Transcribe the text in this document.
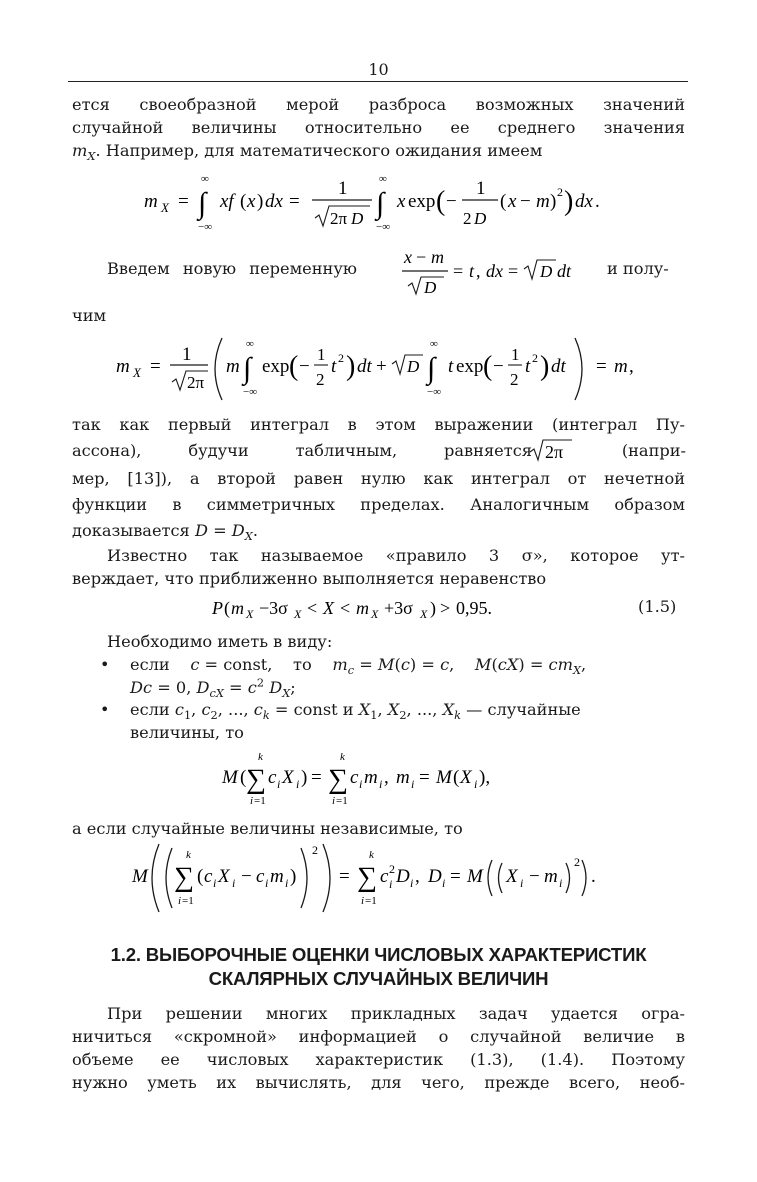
10
ется своеобразной мерой разброса возможных значений
случайной величины относительно ее среднего значения
$m_X$. Например, для математического ожидания имеем
m X = ∫
∞
−∞
xf ( x ) dx =
1
2π D ∫
∞
−∞
x exp ( −
1
2 D
( x − m ) 2 ) dx .
Введем новую переменную
x − m
D
= t , dx = D dt и полу-
чим
m X =
1
2π
m ∫
∞
−∞
exp ( −
1
2
t 2 ) dt + D ∫
∞
−∞
t exp ( −
1
2
t 2 ) dt = m ,
так как первый интеграл в этом выражении (интеграл Пу-
ассона), будучи табличным, равняется 2π	(напри-
мер, [13]), а второй равен нулю как интеграл от нечетной
функции в симметричных пределах. Аналогичным образом
доказывается $D = D_X$.
Известно так называемое «правило 3 σ», которое ут-
верждает, что приближенно выполняется неравенство
P ( m X −3σ X < X < m X +3σ X ) > 0,95.	(1.5)
Необходимо иметь в виду:
• если c = const,    то $m_c = M(c) = c$,    $M(cX) = cm_X$,
Dc = 0, $D_{cX} = c^2$ $D_X$;
• если $c_1$, $c_2$, ..., $c_k$ = const и $X_1$, $X_2$, ..., $X_k$ — случайные
величины, то
M ( ∑
k
i =1
c i X i ) = ∑
k
i =1
c i m i , m i = M ( X i ),
а если случайные величины независимые, то
M ∑
k
i =1
( c i X i − c i m i )
2
= ∑
k
i =1
c 2
i D i , D i = M X i − m i
2
.
1.2. ВЫБОРОЧНЫЕ ОЦЕНКИ ЧИСЛОВЫХ ХАРАКТЕРИСТИК
СКАЛЯРНЫХ СЛУЧАЙНЫХ ВЕЛИЧИН
При решении многих прикладных задач удается огра-
ничиться «скромной» информацией о случайной величие в
объеме ее числовых характеристик (1.3), (1.4). Поэтому
нужно уметь их вычислять, для чего, прежде всего, необ-
